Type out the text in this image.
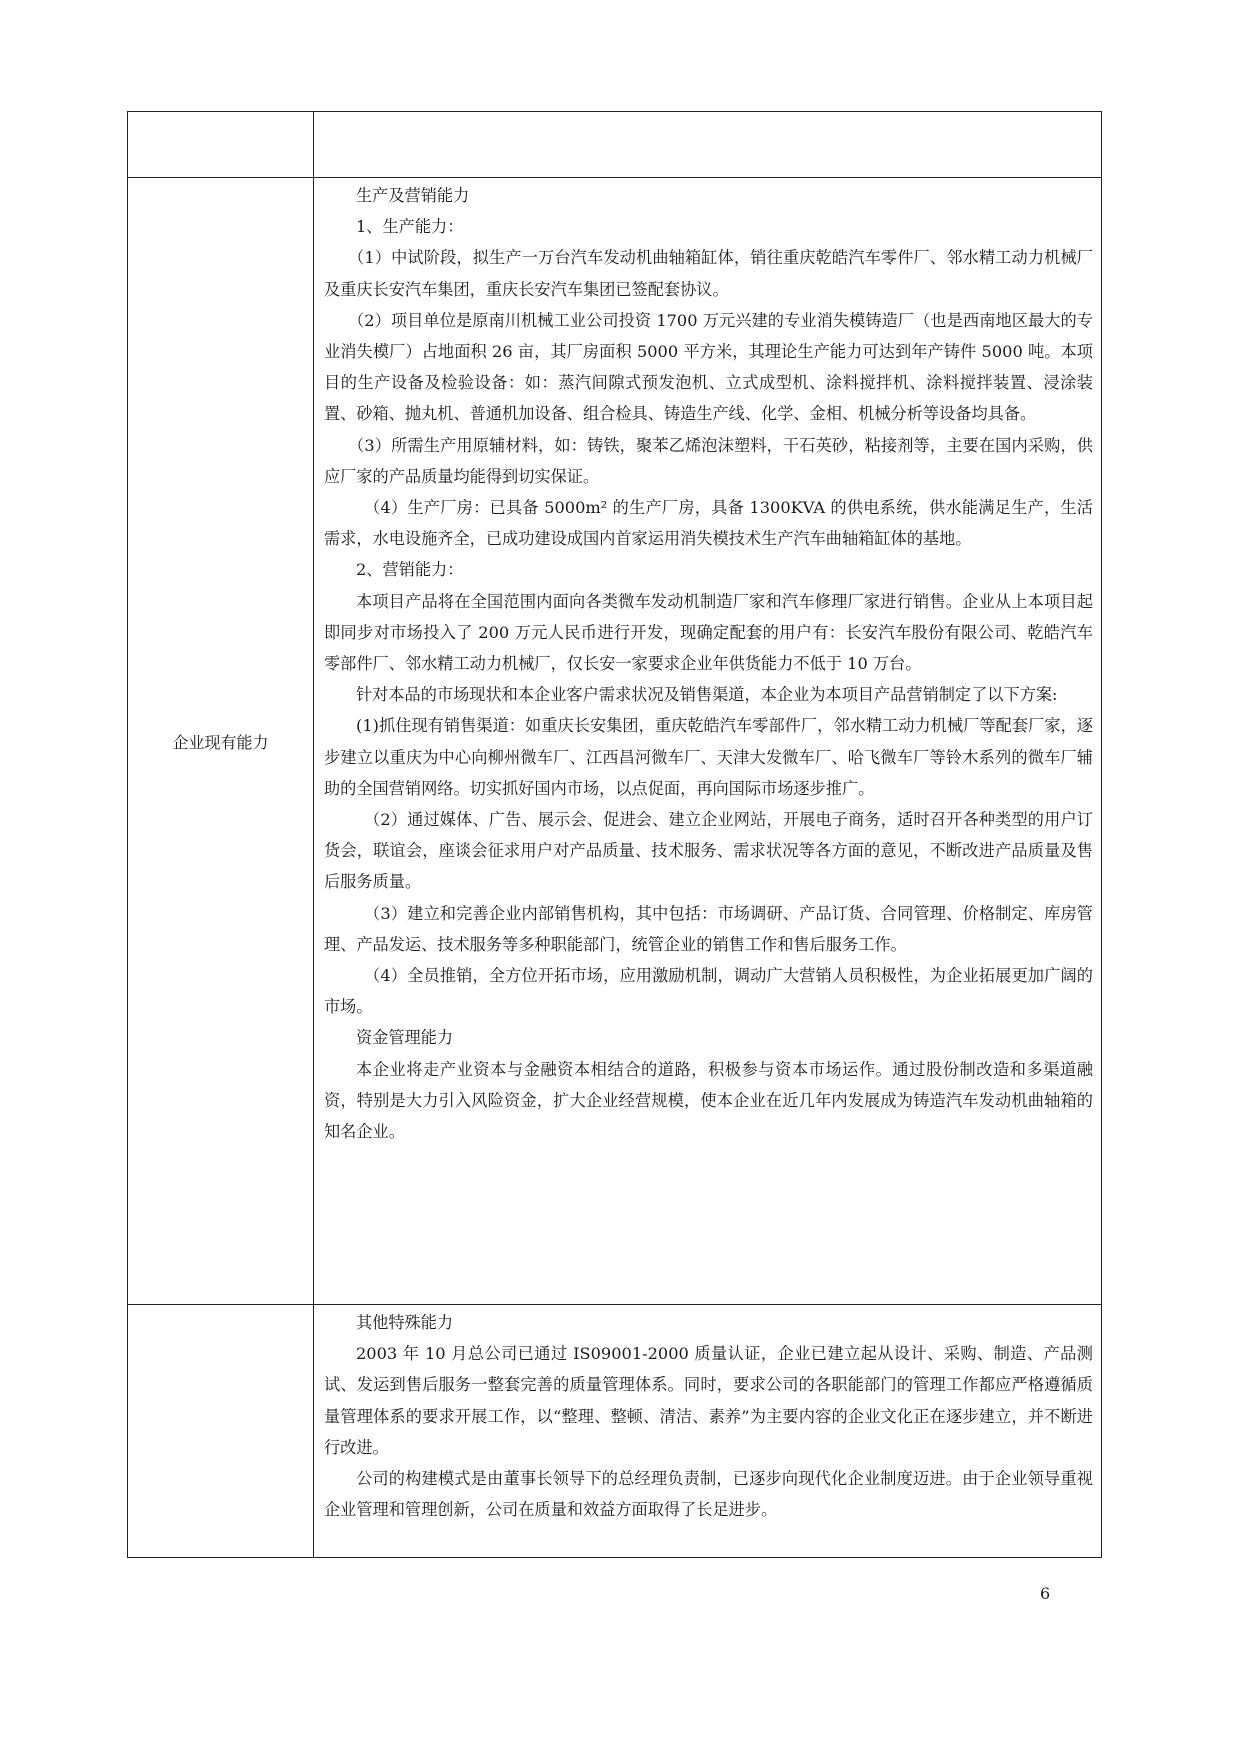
企业现有能力

生产及营销能力

1、生产能力：

（1）中试阶段，拟生产一万台汽车发动机曲轴箱缸体，销往重庆乾皓汽车零件厂、邻水精工动力机械厂及重庆长安汽车集团，重庆长安汽车集团已签配套协议。

（2）项目单位是原南川机械工业公司投资 1700 万元兴建的专业消失模铸造厂（也是西南地区最大的专业消失模厂）占地面积 26 亩，其厂房面积 5000 平方米，其理论生产能力可达到年产铸件 5000 吨。本项目的生产设备及检验设备：如：蒸汽间隙式预发泡机、立式成型机、涂料搅拌机、涂料搅拌装置、浸涂装置、砂箱、抛丸机、普通机加设备、组合检具、铸造生产线、化学、金相、机械分析等设备均具备。

（3）所需生产用原辅材料，如：铸铁，聚苯乙烯泡沫塑料，干石英砂，粘接剂等，主要在国内采购，供应厂家的产品质量均能得到切实保证。

（4）生产厂房：已具备 5000m² 的生产厂房，具备 1300KVA 的供电系统，供水能满足生产，生活需求，水电设施齐全，已成功建设成国内首家运用消失模技术生产汽车曲轴箱缸体的基地。

2、营销能力：

本项目产品将在全国范围内面向各类微车发动机制造厂家和汽车修理厂家进行销售。企业从上本项目起即同步对市场投入了 200 万元人民币进行开发，现确定配套的用户有：长安汽车股份有限公司、乾皓汽车零部件厂、邻水精工动力机械厂，仅长安一家要求企业年供货能力不低于 10 万台。

针对本品的市场现状和本企业客户需求状况及销售渠道，本企业为本项目产品营销制定了以下方案:

(1)抓住现有销售渠道：如重庆长安集团，重庆乾皓汽车零部件厂，邻水精工动力机械厂等配套厂家，逐步建立以重庆为中心向柳州微车厂、江西昌河微车厂、天津大发微车厂、哈飞微车厂等铃木系列的微车厂辅助的全国营销网络。切实抓好国内市场，以点促面，再向国际市场逐步推广。

（2）通过媒体、广告、展示会、促进会、建立企业网站，开展电子商务，适时召开各种类型的用户订货会，联谊会，座谈会征求用户对产品质量、技术服务、需求状况等各方面的意见，不断改进产品质量及售后服务质量。

（3）建立和完善企业内部销售机构，其中包括：市场调研、产品订货、合同管理、价格制定、库房管理、产品发运、技术服务等多种职能部门，统管企业的销售工作和售后服务工作。

（4）全员推销，全方位开拓市场，应用激励机制，调动广大营销人员积极性，为企业拓展更加广阔的市场。

资金管理能力

本企业将走产业资本与金融资本相结合的道路，积极参与资本市场运作。通过股份制改造和多渠道融资，特别是大力引入风险资金，扩大企业经营规模，使本企业在近几年内发展成为铸造汽车发动机曲轴箱的知名企业。

其他特殊能力

2003 年 10 月总公司已通过 IS09001-2000 质量认证，企业已建立起从设计、采购、制造、产品测试、发运到售后服务一整套完善的质量管理体系。同时，要求公司的各职能部门的管理工作都应严格遵循质量管理体系的要求开展工作，以“整理、整顿、清洁、素养”为主要内容的企业文化正在逐步建立，并不断进行改进。

公司的构建模式是由董事长领导下的总经理负责制，已逐步向现代化企业制度迈进。由于企业领导重视企业管理和管理创新，公司在质量和效益方面取得了长足进步。

6
